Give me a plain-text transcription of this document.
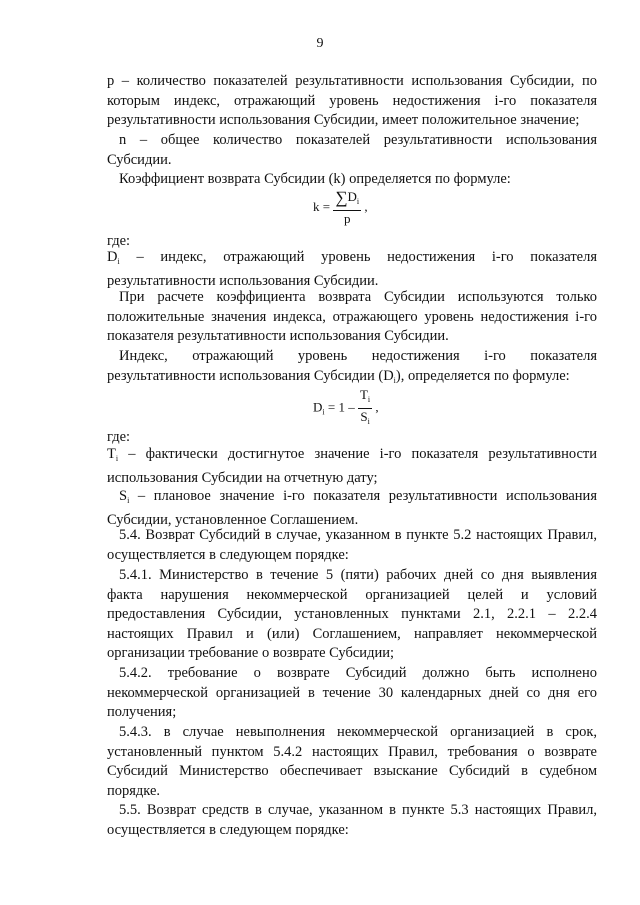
9
p – количество показателей результативности использования Субсидии, по которым индекс, отражающий уровень недостижения i-го показателя результативности использования Субсидии, имеет положительное значение;
n – общее количество показателей результативности использования Субсидии.
Коэффициент возврата Субсидии (k) определяется по формуле:
$k = \frac{\sum D_i}{p}$ ,
где:
$D_i$ – индекс, отражающий уровень недостижения i-го показателя результативности использования Субсидии.
При расчете коэффициента возврата Субсидии используются только положительные значения индекса, отражающего уровень недостижения i-го показателя результативности использования Субсидии.
Индекс, отражающий уровень недостижения i-го показателя результативности использования Субсидии $(D_i)$, определяется по формуле:
$D_i = 1 - \frac{T_i}{S_i}$ ,
где:
$T_i$ – фактически достигнутое значение i-го показателя результативности использования Субсидии на отчетную дату;
$S_i$ – плановое значение i-го показателя результативности использования Субсидии, установленное Соглашением.
5.4. Возврат Субсидий в случае, указанном в пункте 5.2 настоящих Правил, осуществляется в следующем порядке:
5.4.1. Министерство в течение 5 (пяти) рабочих дней со дня выявления факта нарушения некоммерческой организацией целей и условий предоставления Субсидии, установленных пунктами 2.1, 2.2.1 – 2.2.4 настоящих Правил и (или) Соглашением, направляет некоммерческой организации требование о возврате Субсидии;
5.4.2. требование о возврате Субсидий должно быть исполнено некоммерческой организацией в течение 30 календарных дней со дня его получения;
5.4.3. в случае невыполнения некоммерческой организацией в срок, установленный пунктом 5.4.2 настоящих Правил, требования о возврате Субсидий Министерство обеспечивает взыскание Субсидий в судебном порядке.
5.5. Возврат средств в случае, указанном в пункте 5.3 настоящих Правил, осуществляется в следующем порядке:
